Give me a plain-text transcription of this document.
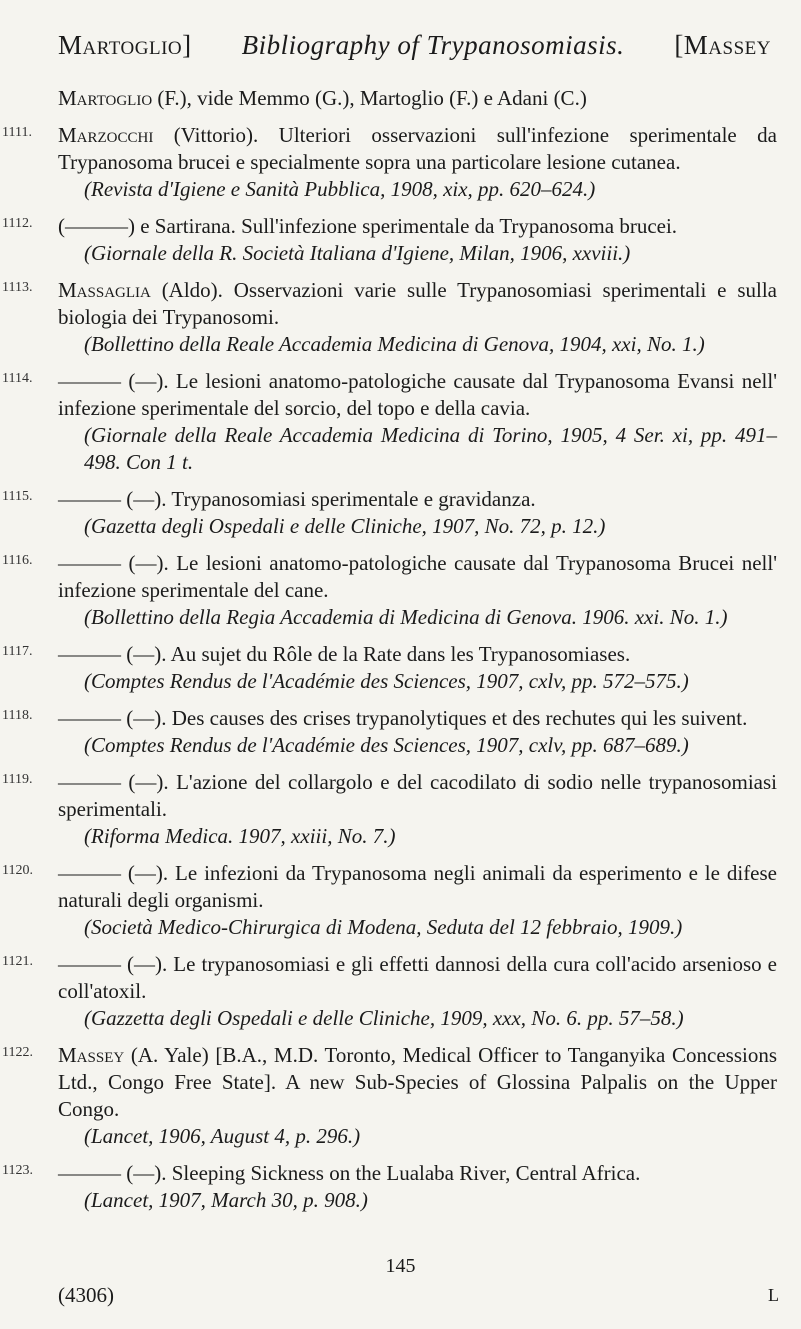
Martoglio] Bibliography of Trypanosomiasis. [Massey
Martoglio (F.), vide Memmo (G.), Martoglio (F.) e Adani (C.)
1111.	Marzocchi (Vittorio). Ulteriori osservazioni sull'infezione sperimentale da Trypanosoma brucei e specialmente sopra una particolare lesione cutanea.
(Revista d'Igiene e Sanità Pubblica, 1908, xix, pp. 620–624.)
1112.	(———) e Sartirana. Sull'infezione sperimentale da Trypanosoma brucei.
(Giornale della R. Società Italiana d'Igiene, Milan, 1906, xxviii.)
1113.	Massaglia (Aldo). Osservazioni varie sulle Trypanosomiasi sperimentali e sulla biologia dei Trypanosomi.
(Bollettino della Reale Accademia Medicina di Genova, 1904, xxi, No. 1.)
1114.	——— (—). Le lesioni anatomo-patologiche causate dal Trypanosoma Evansi nell' infezione sperimentale del sorcio, del topo e della cavia.
(Giornale della Reale Accademia Medicina di Torino, 1905, 4 Ser. xi, pp. 491–498. Con 1 t.
1115.	——— (—). Trypanosomiasi sperimentale e gravidanza.
(Gazetta degli Ospedali e delle Cliniche, 1907, No. 72, p. 12.)
1116.	——— (—). Le lesioni anatomo-patologiche causate dal Trypanosoma Brucei nell' infezione sperimentale del cane.
(Bollettino della Regia Accademia di Medicina di Genova. 1906. xxi. No. 1.)
1117.	——— (—). Au sujet du Rôle de la Rate dans les Trypanosomiases.
(Comptes Rendus de l'Académie des Sciences, 1907, cxlv, pp. 572–575.)
1118.	——— (—). Des causes des crises trypanolytiques et des rechutes qui les suivent.
(Comptes Rendus de l'Académie des Sciences, 1907, cxlv, pp. 687–689.)
1119.	——— (—). L'azione del collargolo e del cacodilato di sodio nelle trypanosomiasi sperimentali.
(Riforma Medica. 1907, xxiii, No. 7.)
1120.	——— (—). Le infezioni da Trypanosoma negli animali da esperimento e le difese naturali degli organismi.
(Società Medico-Chirurgica di Modena, Seduta del 12 febbraio, 1909.)
1121.	——— (—). Le trypanosomiasi e gli effetti dannosi della cura coll'acido arsenioso e coll'atoxil.
(Gazzetta degli Ospedali e delle Cliniche, 1909, xxx, No. 6. pp. 57–58.)
1122.	Massey (A. Yale) [B.A., M.D. Toronto, Medical Officer to Tanganyika Concessions Ltd., Congo Free State]. A new Sub-Species of Glossina Palpalis on the Upper Congo.
(Lancet, 1906, August 4, p. 296.)
1123.	——— (—). Sleeping Sickness on the Lualaba River, Central Africa.
(Lancet, 1907, March 30, p. 908.)
145
(4306)	L
